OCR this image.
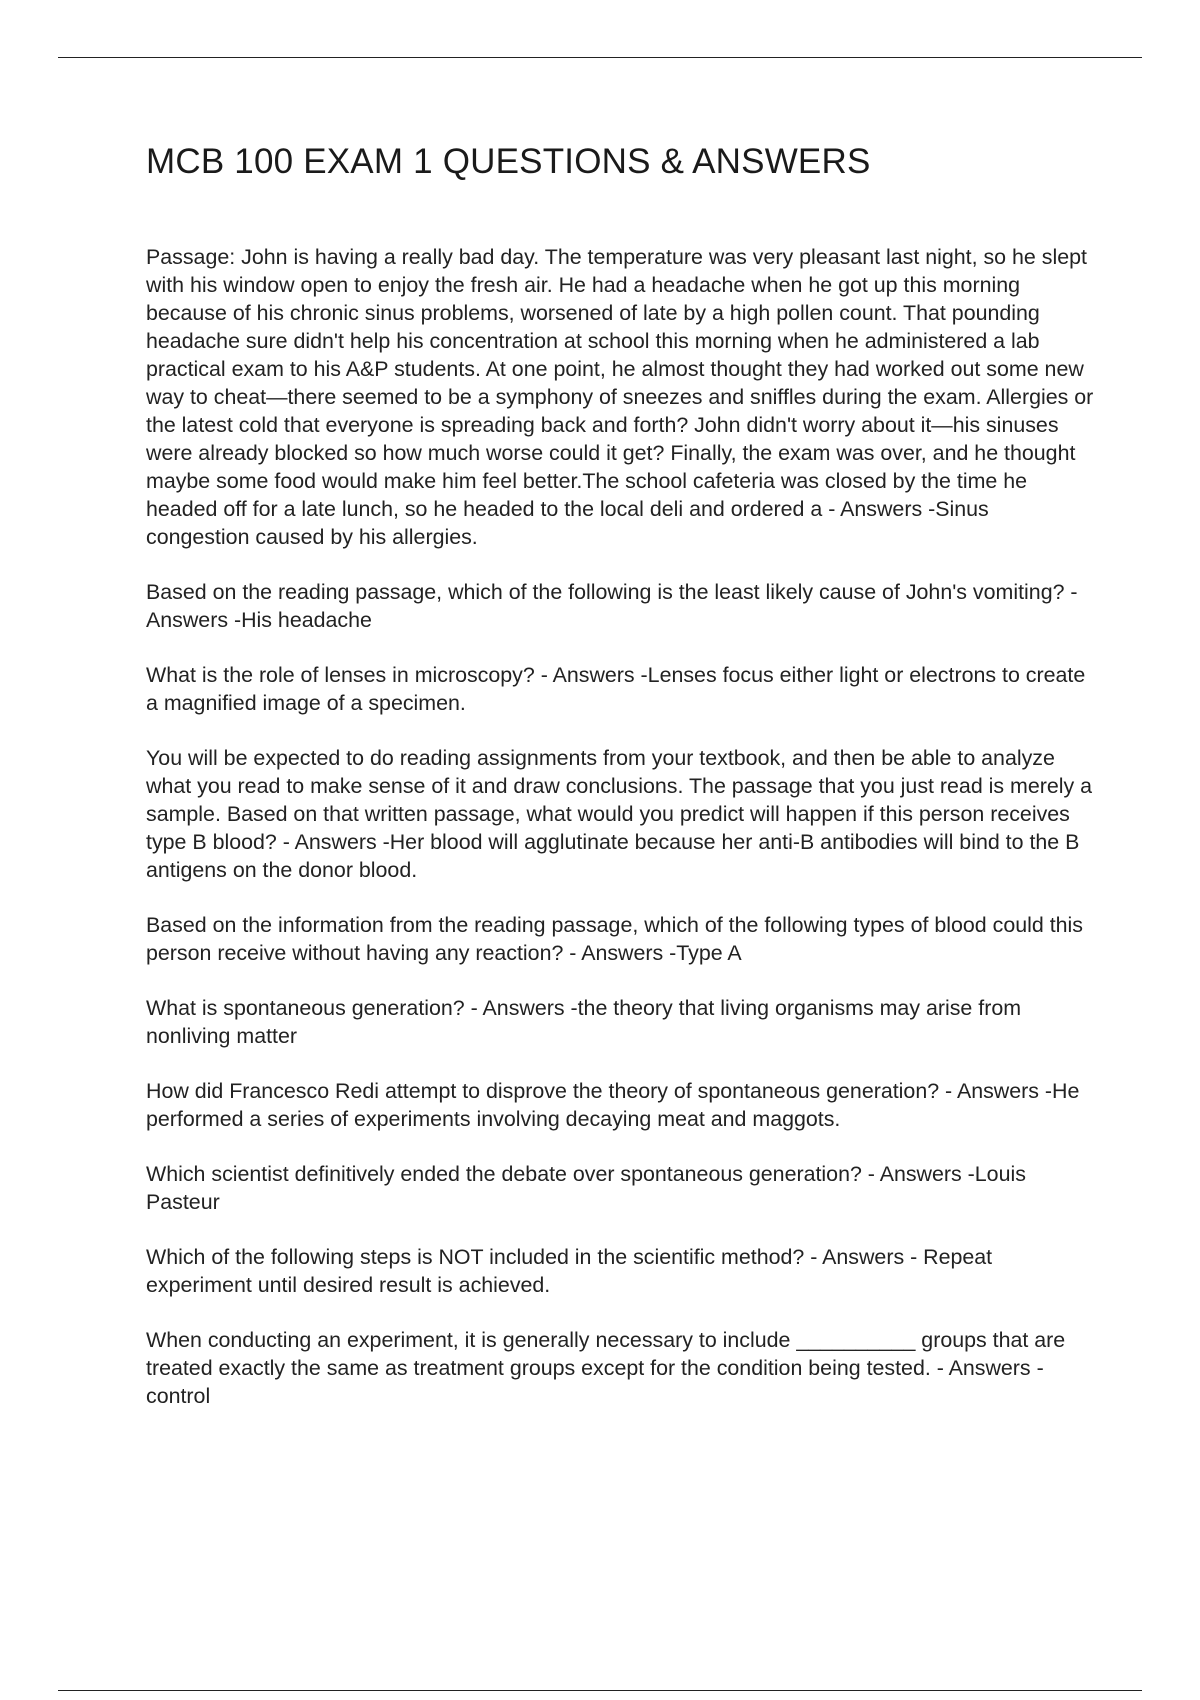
MCB 100 EXAM 1 QUESTIONS & ANSWERS

Passage: John is having a really bad day. The temperature was very pleasant last night, so he slept with his window open to enjoy the fresh air. He had a headache when he got up this morning because of his chronic sinus problems, worsened of late by a high pollen count. That pounding headache sure didn't help his concentration at school this morning when he administered a lab practical exam to his A&P students. At one point, he almost thought they had worked out some new way to cheat—there seemed to be a symphony of sneezes and sniffles during the exam. Allergies or the latest cold that everyone is spreading back and forth? John didn't worry about it—his sinuses were already blocked so how much worse could it get? Finally, the exam was over, and he thought maybe some food would make him feel better.The school cafeteria was closed by the time he headed off for a late lunch, so he headed to the local deli and ordered a - Answers -Sinus congestion caused by his allergies.

Based on the reading passage, which of the following is the least likely cause of John's vomiting? - Answers -His headache

What is the role of lenses in microscopy? - Answers -Lenses focus either light or electrons to create a magnified image of a specimen.

You will be expected to do reading assignments from your textbook, and then be able to analyze what you read to make sense of it and draw conclusions. The passage that you just read is merely a sample. Based on that written passage, what would you predict will happen if this person receives type B blood? - Answers -Her blood will agglutinate because her anti-B antibodies will bind to the B antigens on the donor blood.

Based on the information from the reading passage, which of the following types of blood could this person receive without having any reaction? - Answers -Type A

What is spontaneous generation? - Answers -the theory that living organisms may arise from nonliving matter

How did Francesco Redi attempt to disprove the theory of spontaneous generation? - Answers -He performed a series of experiments involving decaying meat and maggots.

Which scientist definitively ended the debate over spontaneous generation? - Answers -Louis Pasteur

Which of the following steps is NOT included in the scientific method? - Answers - Repeat experiment until desired result is achieved.

When conducting an experiment, it is generally necessary to include __________ groups that are treated exactly the same as treatment groups except for the condition being tested. - Answers -control
